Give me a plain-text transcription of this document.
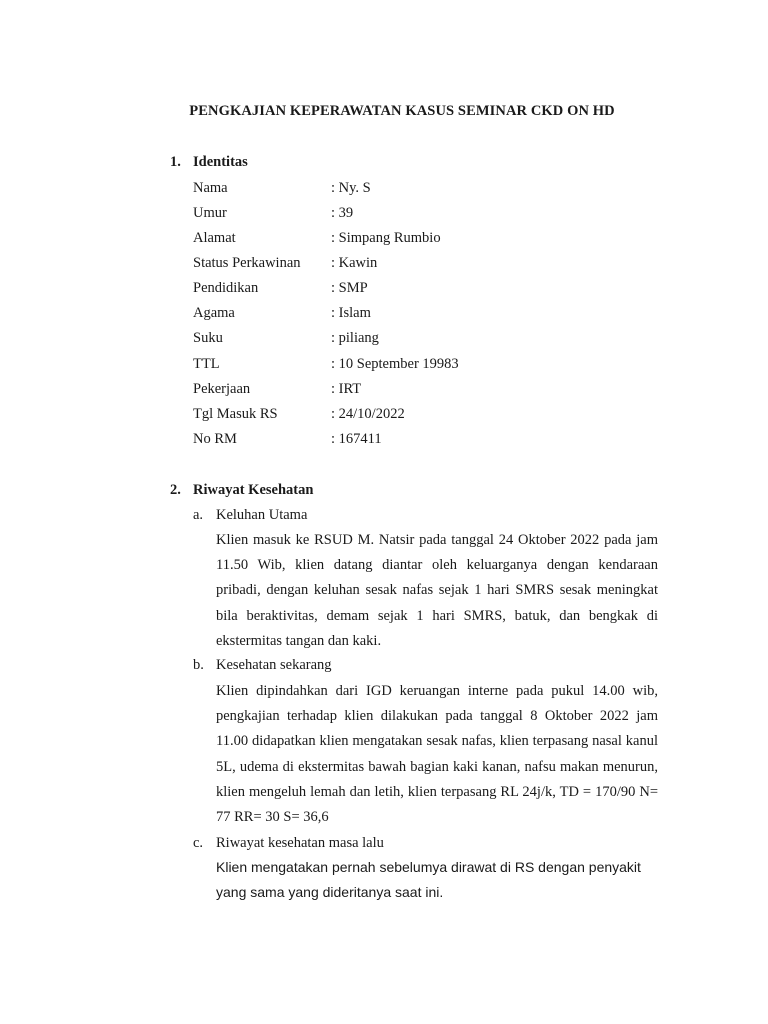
PENGKAJIAN KEPERAWATAN KASUS SEMINAR CKD ON HD
1. Identitas
Nama	: Ny. S
Umur	: 39
Alamat	: Simpang Rumbio
Status Perkawinan : Kawin
Pendidikan	: SMP
Agama	: Islam
Suku	: piliang
TTL	: 10 September 19983
Pekerjaan	: IRT
Tgl Masuk RS	: 24/10/2022
No RM	: 167411
2. Riwayat Kesehatan
a. Keluhan Utama
Klien masuk ke RSUD M. Natsir pada tanggal 24 Oktober 2022 pada jam 11.50 Wib, klien datang diantar oleh keluarganya dengan kendaraan pribadi, dengan keluhan sesak nafas sejak 1 hari SMRS sesak meningkat bila beraktivitas, demam sejak 1 hari SMRS, batuk, dan bengkak di ekstermitas tangan dan kaki.
b. Kesehatan sekarang
Klien dipindahkan dari IGD keruangan interne pada pukul 14.00 wib, pengkajian terhadap klien dilakukan pada tanggal 8 Oktober 2022 jam 11.00 didapatkan klien mengatakan sesak nafas, klien terpasang nasal kanul 5L, udema di ekstermitas bawah bagian kaki kanan, nafsu makan menurun, klien mengeluh lemah dan letih, klien terpasang RL 24j/k, TD = 170/90 N= 77 RR= 30 S= 36,6
c. Riwayat kesehatan masa lalu
Klien mengatakan pernah sebelumya dirawat di RS dengan penyakit yang sama yang dideritanya saat ini.
